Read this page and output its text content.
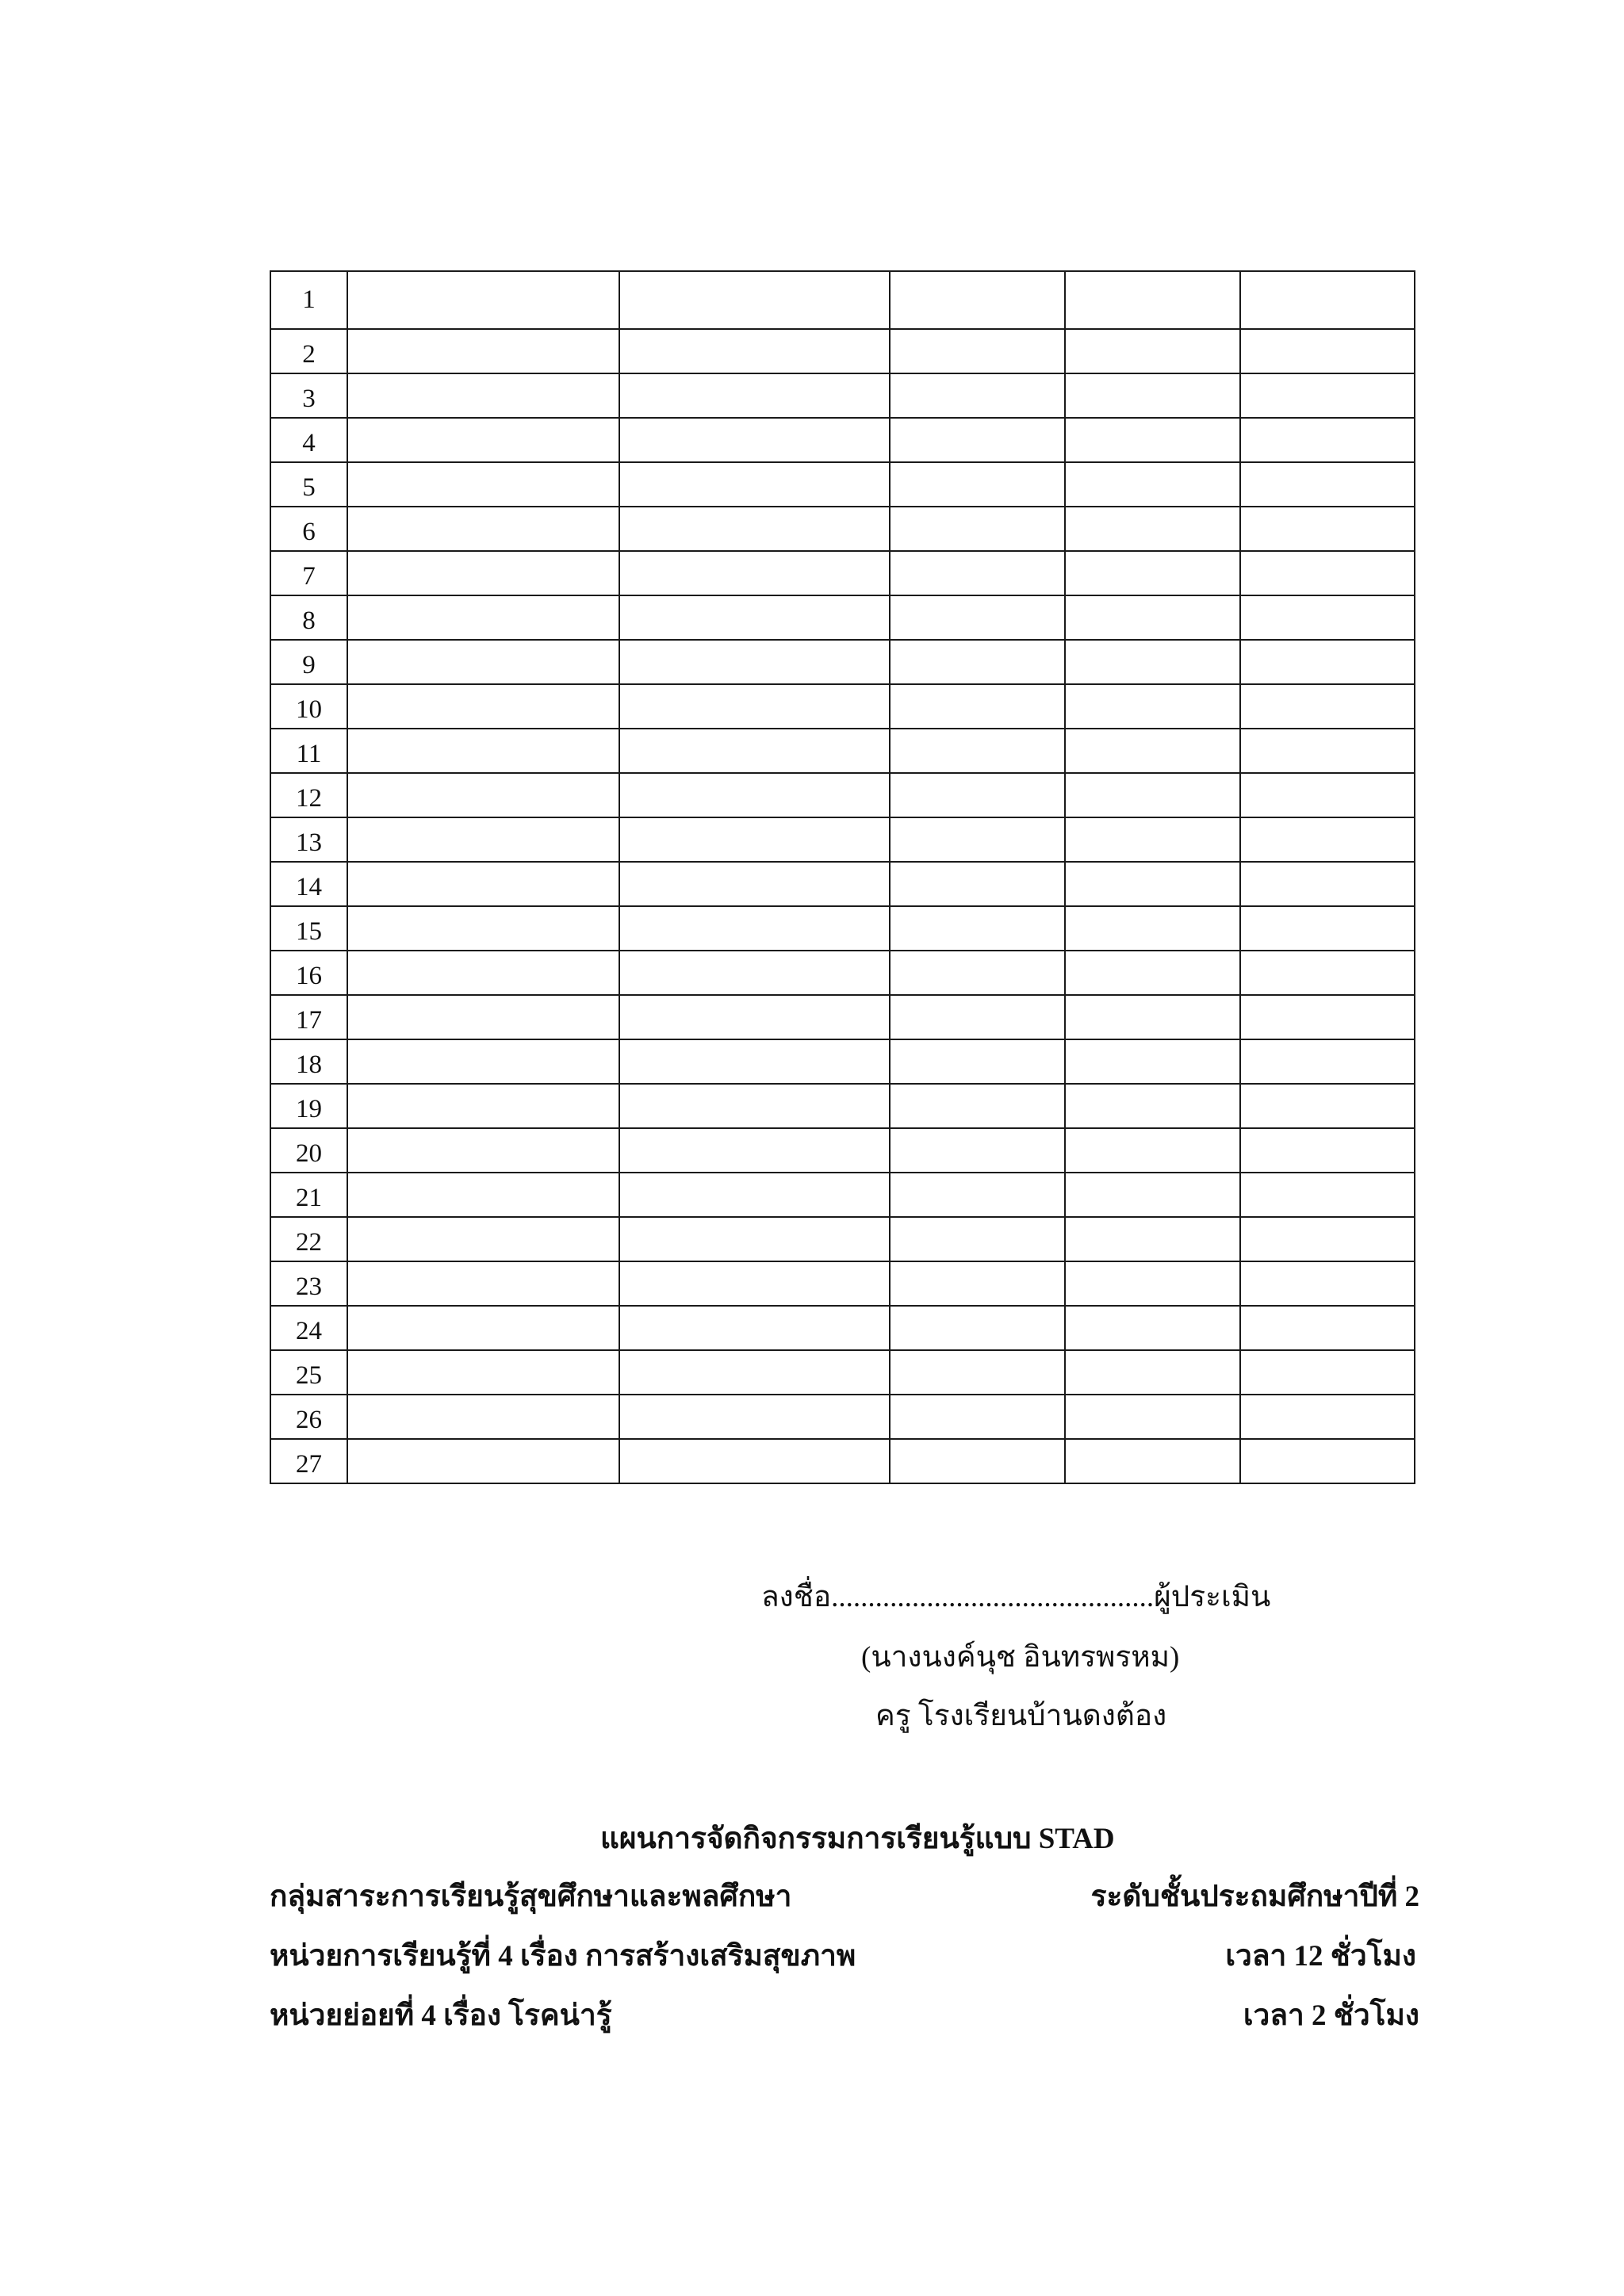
1					
2					
3					
4					
5					
6					
7					
8					
9					
10					
11					
12					
13					
14					
15					
16					
17					
18					
19					
20					
21					
22					
23					
24					
25					
26					
27					
ลงชื่อ............................................ผู้ประเมิน
(นางนงค์นุช อินทรพรหม)
ครู โรงเรียนบ้านดงต้อง
แผนการจัดกิจกรรมการเรียนรู้แบบ STAD
กลุ่มสาระการเรียนรู้สุขศึกษาและพลศึกษา	ระดับชั้นประถมศึกษาปีที่ 2
หน่วยการเรียนรู้ที่ 4 เรื่อง การสร้างเสริมสุขภาพ	เวลา 12 ชั่วโมง
หน่วยย่อยที่ 4 เรื่อง โรคน่ารู้	เวลา 2 ชั่วโมง
